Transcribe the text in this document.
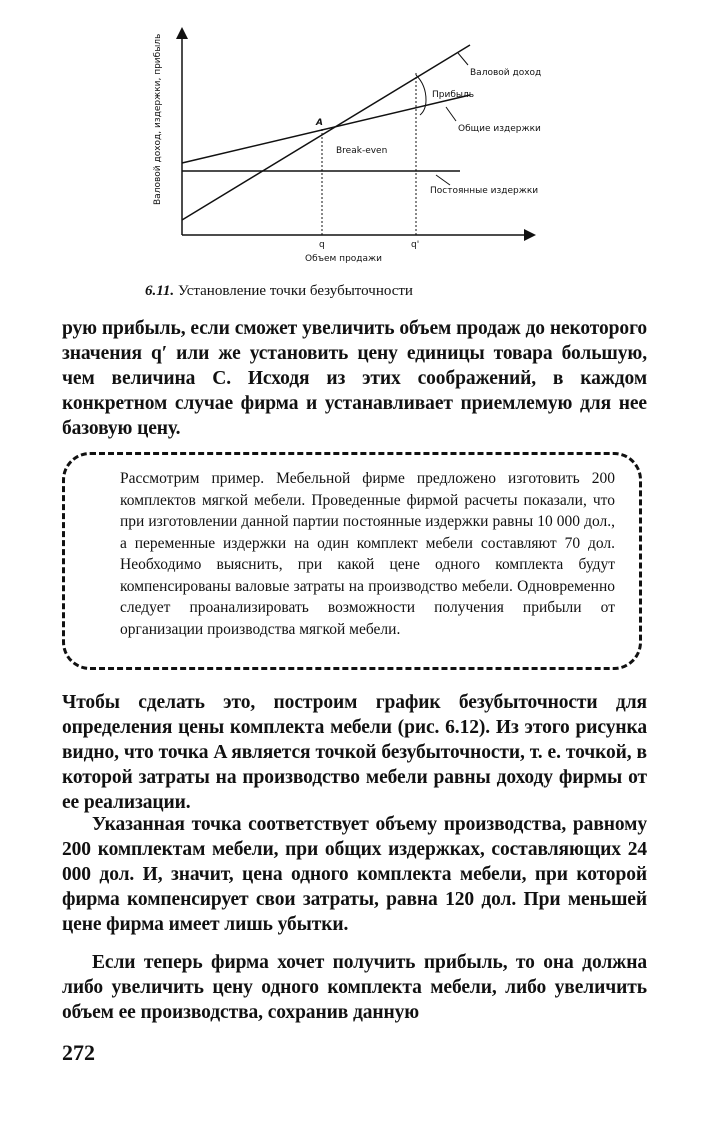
Валовой доход
Прибыль
Общие издержки
Постоянные издержки
Break-even
A
q	q'
Объем продажи
Валовой доход, издержки, прибыль
6.11. Установление точки безубыточности
рую прибыль, если сможет увеличить объем продаж до некоторого значения q′ или же установить цену единицы товара большую, чем величина C. Исходя из этих соображений, в каждом конкретном случае фирма и устанавливает приемлемую для нее базовую цену.
Рассмотрим пример. Мебельной фирме предложено изготовить 200 комплектов мягкой мебели. Проведенные фирмой расчеты показали, что при изготовлении данной партии постоянные издержки равны 10 000 дол., а переменные издержки на один комплект мебели составляют 70 дол. Необходимо выяснить, при какой цене одного комплекта будут компенсированы валовые затраты на производство мебели. Одновременно следует проанализировать возможности получения прибыли от организации производства мягкой мебели.
Чтобы сделать это, построим график безубыточности для определения цены комплекта мебели (рис. 6.12). Из этого рисунка видно, что точка A является точкой безубыточности, т. е. точкой, в которой затраты на производство мебели равны доходу фирмы от ее реализации.
Указанная точка соответствует объему производства, равному 200 комплектам мебели, при общих издержках, составляющих 24 000 дол. И, значит, цена одного комплекта мебели, при которой фирма компенсирует свои затраты, равна 120 дол. При меньшей цене фирма имеет лишь убытки.
Если теперь фирма хочет получить прибыль, то она должна либо увеличить цену одного комплекта мебели, либо увеличить объем ее производства, сохранив данную
272
